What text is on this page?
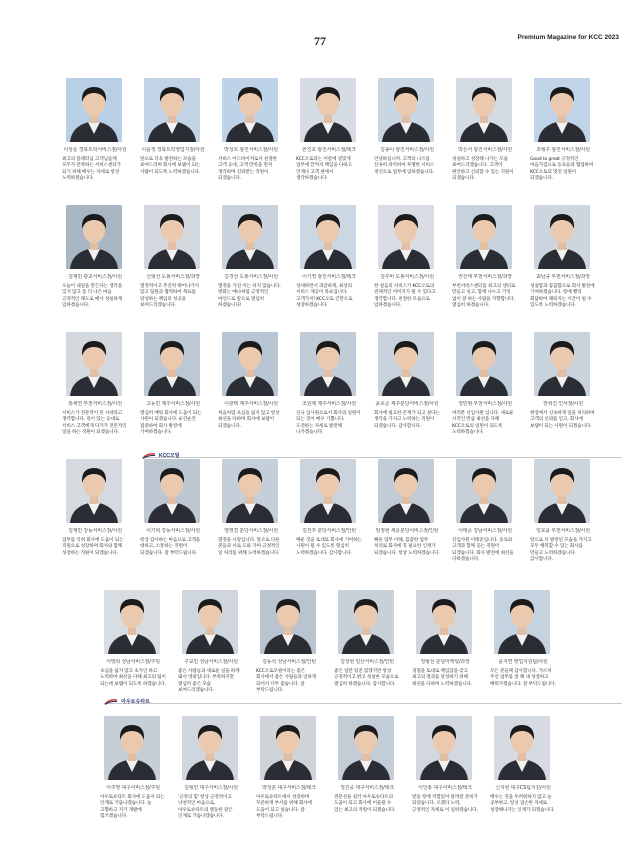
77	Premium Magazine for KCC 2023
이상운 경북트럭서비스점/사원
최고의 플래티넘 고객님들께 모두가 만족하는 서비스센터가 되기 위해 배우는 자세로 항상 노력하겠습니다.
이윤정 경북트럭영업지점/사원
앞으로 더욱 발전하는 모습을 보여드리며 회사에 보탬이 되는 사람이 되도록 노력하겠습니다.
박성호 광진서비스점/사원
서비스 어드바이저로서 친절한 고객 응대, 고객 만족을 먼저 생각하며 신뢰받는 직원이 되겠습니다.
한진호 광진서비스점/테크
KCC오토라는 이름에 걸맞게 업무에 끝까지 책임을 다하고 언제나 고객 편에서 생각하겠습니다.
김송이 광진서비스점/사원
안녕하십니까. 고객의 니즈를 신속히 파악하여 투명한 서비스 정신으로 업무에 임하겠습니다.
박은서 광진서비스점/사원
성실하고 성장해 나가는 모습 보여드리겠습니다. 고객이 편안하고 신뢰할 수 있는 직원이 되겠습니다.
조형주 광진서비스점/사원
Good to great 긍정적인 마음가짐으로 동료들과 협업하여 KCC오토의 멋진 일원이 되겠습니다.
김재민 광교서비스점/사원
오늘이 내일을 만든다는 생각을 잊지 않고 좀 더 나은 마음 긍정적인 태도로 매사 성실하게 임하겠습니다.
신형선 도봉서비스점/과장
열정적이고 추진력 뛰어나가지 않고 팀원과 협력하여 목표를 달성하는 책임의 성공을 보여드리겠습니다.
김경선 도봉서비스점/사원
열정을 가진 이는 쉬지 않습니다. 변화는 예나처럼 긍정적인 마인드로 앞으로 열심히 하겠습니다!
이기영 광진서비스점/테크
성세하면서 과감하게, 최상의 서비스 제공이 목표입니다. 고객가치! KCC오토 긴만으로 성장하겠습니다.
김루비 도봉서비스점/사원
한 걸음의 서비스가 KCC오토의 전체적인 이미지가 될 수 있다고 생각합니다. 친절한 모습으로 임하겠습니다.
권진태 부천서비스점/과장
부천서비스센터를 최고의 센터로 만들고 싶고, 함께 나누고 거짓 없이 잘 하는 사람을 지향합니다. 열심히 하겠습니다.
최남규 부천서비스점/과장
성실함과 꼼꼼함으로 회사 발전에 기여하겠습니다. 항에 빨리 회답하여 채워지는 시간이 될 수 있도록 노력하겠습니다.
홍세연 부천서비스점/사원
서비스가 전문적이 된 시대라고 생각합니다. 깊이 있는 응대로 서비스 고객에게 다가가 전문적인 일을 하는 직원이 되겠습니다.
고동민 제주서비스점/사원
열심히 배워 회사에 도움이 되는 사원이 되겠습니다. 순간순간 집중하여 회사 발전에 기여하겠습니다.
이광택 제주서비스점/사원
처음처럼 초심을 잃지 않고 항상 최선을 다하며 회사에 보탬이 되겠습니다.
조원제 제주서비스점/사원
신규 입사원으로서 회사의 일원이 되는 것이 매우 기쁩니다. 도전하는 자세로 발전해 나가겠습니다.
윤호준 제주분당서비스점/사원
회사에 필요한 존재가 되고 싶다는 생각을 가지고 노력하는 직원이 되겠습니다. 감사합니다.
정민형 부천서비스점/사원
여러분 신입사원 입니다. 새로운 시작인 만큼 최선을 다해 KCC오토의 일원이 되도록 노력하겠습니다.
권혁진 인서점/사원
현장에서 신속하게 일을 처리하며 고객의 신뢰를 얻고, 회사에 보탬이 되는 사원이 되겠습니다.
김재민 강동서비스점/사원
업무를 익혀 회사에 도움이 되는 직원으로 성장하며 회사와 함께 성장하는 직원이 되겠습니다.
이기혁 강동서비스점/사원
항상 감사하는 마음으로 고객을 대하고, 소통하는 직원이 되겠습니다. 잘 부탁드립니다.
염영결 분당서비스점/사원
열정을 사랑입니다. 앞으로 다른 분들과 서로 도와 가며 긍정적인 일 처리를 위해 노력하겠습니다.
김전후 분당서비스점/인턴
배운 것을 토대로 회사에 기여하는 사원이 될 수 있도록 열심히 노력하겠습니다. 감사합니다.
임정현 세운분당서비스점/인턴
빠른 업무 이해, 꼼꼼한 업무 처리로 회사에 꼭 필요한 인재가 되겠습니다. 항상 노력하겠습니다.
이태준 강남서비스점/사원
신입사원 이태준입니다. 동료와 고객과 함께 웃는 직원이 되겠습니다. 회사 발전에 최선을 다하겠습니다.
임효윤 부천서비스점/사원
앞으로 더 발전된 모습을 가지고 모두 행복할 수 있는 회사를 만들고 노력하겠습니다. 감사합니다.
서영희 성남서비스점/주임
초심을 잃지 않고 초가인 하고 노력하여 최선을 다해 최고의 팀이 되는데 보탬이 되도록 하겠습니다.
구교민 성남서비스점/사원
좋은 사람들과 새로운 일을 하게 돼서 영광입니다. 부족하지만 열심히 좋은 모습 보여드리겠습니다.
김동석 성남서비스점/인턴
KCC오토모빌이라는 좋은 회사에서 좋은 사람들과 일하게 되어서 너무 좋습니다. 잘 부탁드립니다.
김성현 일산서비스점/인턴
좋은 일만 있진 않겠지만 항상 긍정적이고 밝고 성실한 모습으로 열심히 하겠습니다. 감사합니다.
정형선 분당마케팅/과장
경험을 토대로 책임감을 갖고 최고의 결과를 달성하기 위해 최선을 다하며 노력하겠습니다.
윤지연 영업지원팀/사원
모든 분들께 감사합니다. 가르쳐 주신 업무를 잘 해 내 성장하고 배워가겠습니다. 잘 부탁드립니다.
이주영 대구서비스점/주임
아우토슈타트 회사에 도움이 되는 인재로 거듭나겠습니다. 늘 고향하고 지기 개발에 힘쓰겠습니다.
김형민 대구서비스점/사원
'긍정의 힘' 항상 긍정적이고 낙천적인 마음으로, 아우토슈타트의 맨동한 같은 인재로 거듭나겠습니다.
박성훈 대구서비스점/테크
아우토슈타트에서 성장하며 꾸준하게 부서를 위해 회사에 도움이 되고 싶습니다. 잘 부탁드립니다.
정진중 대구서비스점/테크
전문성을 길러 아우토슈타트의 도움이 되고 회사에 어울릴 수 있는 최고의 직원이 되겠습니다.
이인홍 대구서비스점/테크
맡을 항에 겨험있어 달려갈 준비가 되었습니다. 오겠다 노력, 긍정적인 자세로 이 일하겠습니다.
신지현 대구CS팀지원/사원
배우는 것을 두려워하지 않고 늘 공부하고, 항상 겸손한 자세로 성장해나가는 인재가 되겠습니다.
KCC모빌
아우토슈타트
